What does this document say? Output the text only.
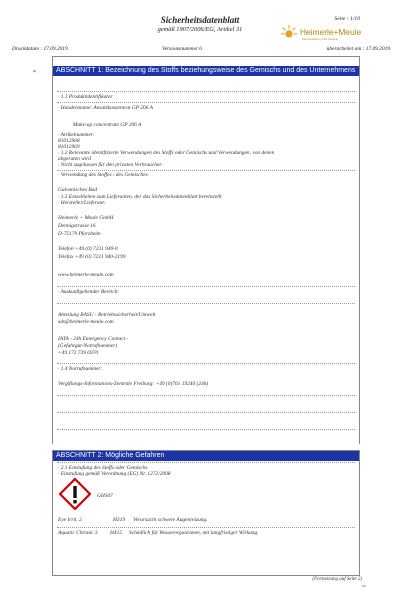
Sicherheitsdatenblatt
gemäß 1907/2006/EG, Artikel 31
Seite : 1/10
Heimerle+Meule
Die Kompetenz in der Galvanik
Druckdatum : 17.09.2019	Versionsnummer 6	überarbeitet am : 17.09.2019
*	ABSCHNITT 1: Bezeichnung des Stoffs beziehungsweise des Gemischs und des Unternehmens
· 1.1 Produktidentifikator
· Handelsname: Ansatzkonzentrat GP 206 A
Make-up concentrate GP 206 A
· Artikelnummer:
81012968
81012969
· 1.2 Relevante identifizierte Verwendungen des Stoffs oder Gemischs und Verwendungen, von denen
abgeraten wird
· Nicht zugelassen für den privaten Verbraucher.
· Verwendung des Stoffes / des Gemisches
Galvanisches Bad
· 1.3 Einzelheiten zum Lieferanten, der das Sicherheitsdatenblatt bereitstellt
· Hersteller/Lieferant:
Heimerle + Meule GmbH
Dennigstrasse 16
D-75179 Pforzheim
Telefon +49 (0) 7231 940-0
Telefax +49 (0) 7231 940-2199
www.heimerle-meule.com
· Auskunftgebender Bereich:
Abteilung BASU - Betriebssicherheit/Umwelt
sds@heimerle-meule.com
IATA - 24h Emergency Contact -
(Gefahrgut-Notrufnummer)
+49 172 739 6970
· 1.4 Notrufnummer:
Vergiftungs-Informations-Zentrale Freiburg: +49 (0)761 19240 (24h)
ABSCHNITT 2: Mögliche Gefahren
· 2.1 Einstufung des Stoffs oder Gemischs
· Einstufung gemäß Verordnung (EG) Nr. 1272/2008
GHS07
Eye Irrit. 2	H319 Verursacht schwere Augenreizung.
Aquatic Chronic 3 H412 Schädlich für Wasserorganismen, mit langfristiger Wirkung.
(Fortsetzung auf Seite 2)
DE
